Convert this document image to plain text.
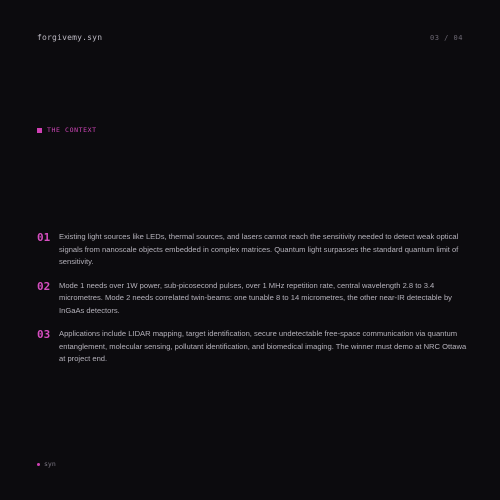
forgivemy.syn	03 / 04
THE CONTEXT
01	Existing light sources like LEDs, thermal sources, and lasers cannot reach the sensitivity needed to detect weak optical signals from nanoscale objects embedded in complex matrices. Quantum light surpasses the standard quantum limit of sensitivity.
02	Mode 1 needs over 1W power, sub-picosecond pulses, over 1 MHz repetition rate, central wavelength 2.8 to 3.4 micrometres. Mode 2 needs correlated twin-beams: one tunable 8 to 14 micrometres, the other near-IR detectable by InGaAs detectors.
03	Applications include LIDAR mapping, target identification, secure undetectable free-space communication via quantum entanglement, molecular sensing, pollutant identification, and biomedical imaging. The winner must demo at NRC Ottawa at project end.
syn
